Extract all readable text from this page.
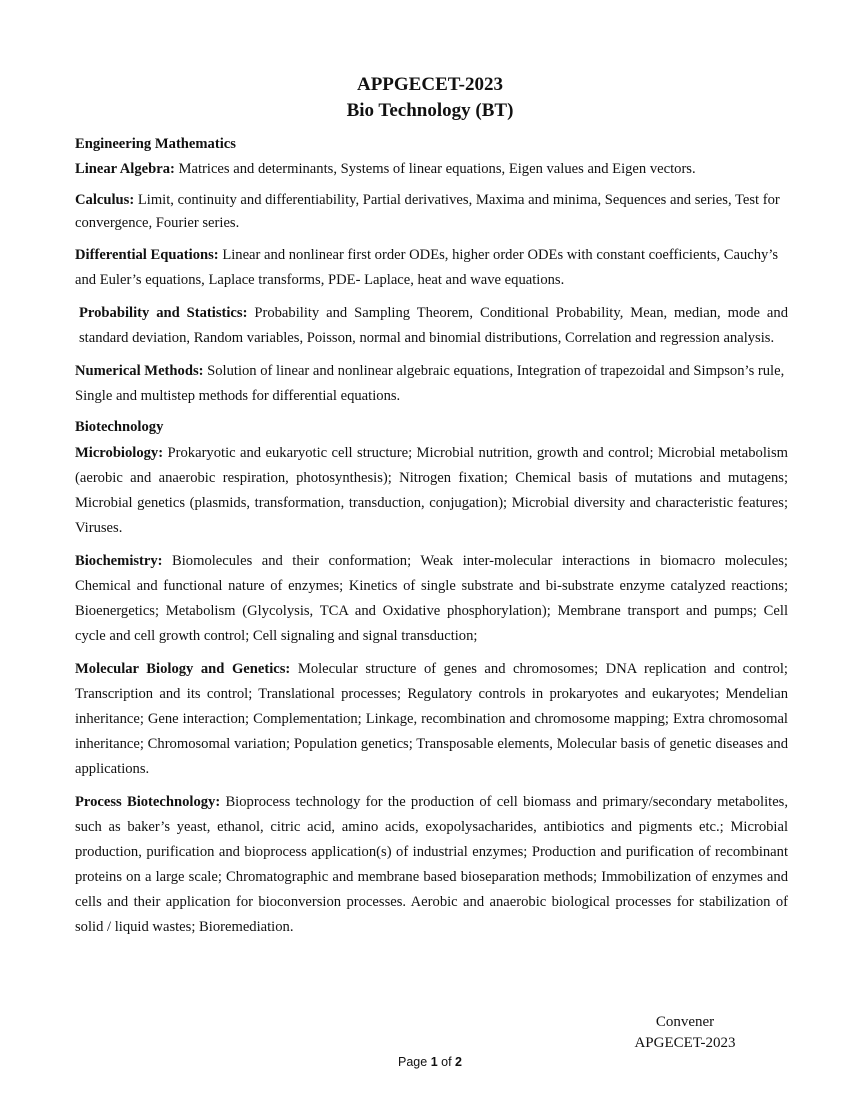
APPGECET-2023
Bio Technology (BT)
Engineering Mathematics

Linear Algebra: Matrices and determinants, Systems of linear equations, Eigen values and Eigen vectors.

Calculus: Limit, continuity and differentiability, Partial derivatives, Maxima and minima, Sequences and series, Test for convergence, Fourier series.

Differential Equations: Linear and nonlinear first order ODEs, higher order ODEs with constant coefficients, Cauchy’s and Euler’s equations, Laplace transforms, PDE- Laplace, heat and wave equations.

Probability and Statistics: Probability and Sampling Theorem, Conditional Probability, Mean, median, mode and standard deviation, Random variables, Poisson, normal and binomial distributions, Correlation and regression analysis.

Numerical Methods: Solution of linear and nonlinear algebraic equations, Integration of trapezoidal and Simpson’s rule, Single and multistep methods for differential equations.

Biotechnology

Microbiology: Prokaryotic and eukaryotic cell structure; Microbial nutrition, growth and control; Microbial metabolism (aerobic and anaerobic respiration, photosynthesis); Nitrogen fixation; Chemical basis of mutations and mutagens; Microbial genetics (plasmids, transformation, transduction, conjugation); Microbial diversity and characteristic features; Viruses.

Biochemistry: Biomolecules and their conformation; Weak inter-molecular interactions in biomacro molecules; Chemical and functional nature of enzymes; Kinetics of single substrate and bi-substrate enzyme catalyzed reactions; Bioenergetics; Metabolism (Glycolysis, TCA and Oxidative phosphorylation); Membrane transport and pumps; Cell cycle and cell growth control; Cell signaling and signal transduction;

Molecular Biology and Genetics: Molecular structure of genes and chromosomes; DNA replication and control; Transcription and its control; Translational processes; Regulatory controls in prokaryotes and eukaryotes; Mendelian inheritance; Gene interaction; Complementation; Linkage, recombination and chromosome mapping; Extra chromosomal inheritance; Chromosomal variation; Population genetics; Transposable elements, Molecular basis of genetic diseases and applications.

Process Biotechnology: Bioprocess technology for the production of cell biomass and primary/secondary metabolites, such as baker’s yeast, ethanol, citric acid, amino acids, exopolysacharides, antibiotics and pigments etc.; Microbial production, purification and bioprocess application(s) of industrial enzymes; Production and purification of recombinant proteins on a large scale; Chromatographic and membrane based bioseparation methods; Immobilization of enzymes and cells and their application for bioconversion processes. Aerobic and anaerobic biological processes for stabilization of solid / liquid wastes; Bioremediation.

Convener
APGECET-2023
Page 1 of 2
